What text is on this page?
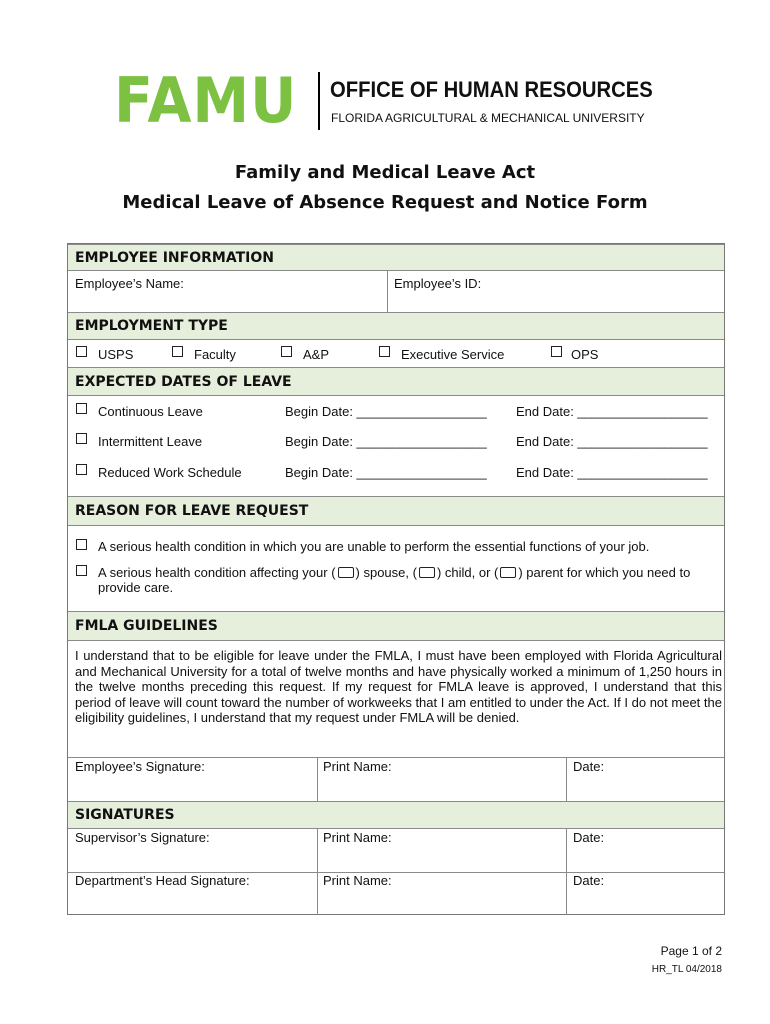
FAMU OFFICE OF HUMAN RESOURCES
FLORIDA AGRICULTURAL & MECHANICAL UNIVERSITY
Family and Medical Leave Act
Medical Leave of Absence Request and Notice Form
EMPLOYEE INFORMATION
Employee’s Name:	Employee’s ID:
EMPLOYMENT TYPE
USPS	Faculty	A&P	Executive Service	OPS
EXPECTED DATES OF LEAVE
Continuous Leave	Begin Date: __________________ End Date: __________________
Intermittent Leave	Begin Date: __________________ End Date: __________________
Reduced Work Schedule	Begin Date: __________________ End Date: __________________
REASON FOR LEAVE REQUEST
A serious health condition in which you are unable to perform the essential functions of your job.
A serious health condition affecting your ( ) spouse, ( ) child, or ( ) parent for which you need to
provide care.
FMLA GUIDELINES
I understand that to be eligible for leave under the FMLA, I must have been employed with Florida Agricultural and Mechanical University for a total of twelve months and have physically worked a minimum of 1,250 hours in the twelve months preceding this request. If my request for FMLA leave is approved, I understand that this period of leave will count toward the number of workweeks that I am entitled to under the Act. If I do not meet the eligibility guidelines, I understand that my request under FMLA will be denied.
Employee’s Signature:	Print Name:	Date:
SIGNATURES
Supervisor’s Signature:	Print Name:	Date:
Department’s Head Signature:	Print Name:	Date:
Page 1 of 2
HR_TL 04/2018
